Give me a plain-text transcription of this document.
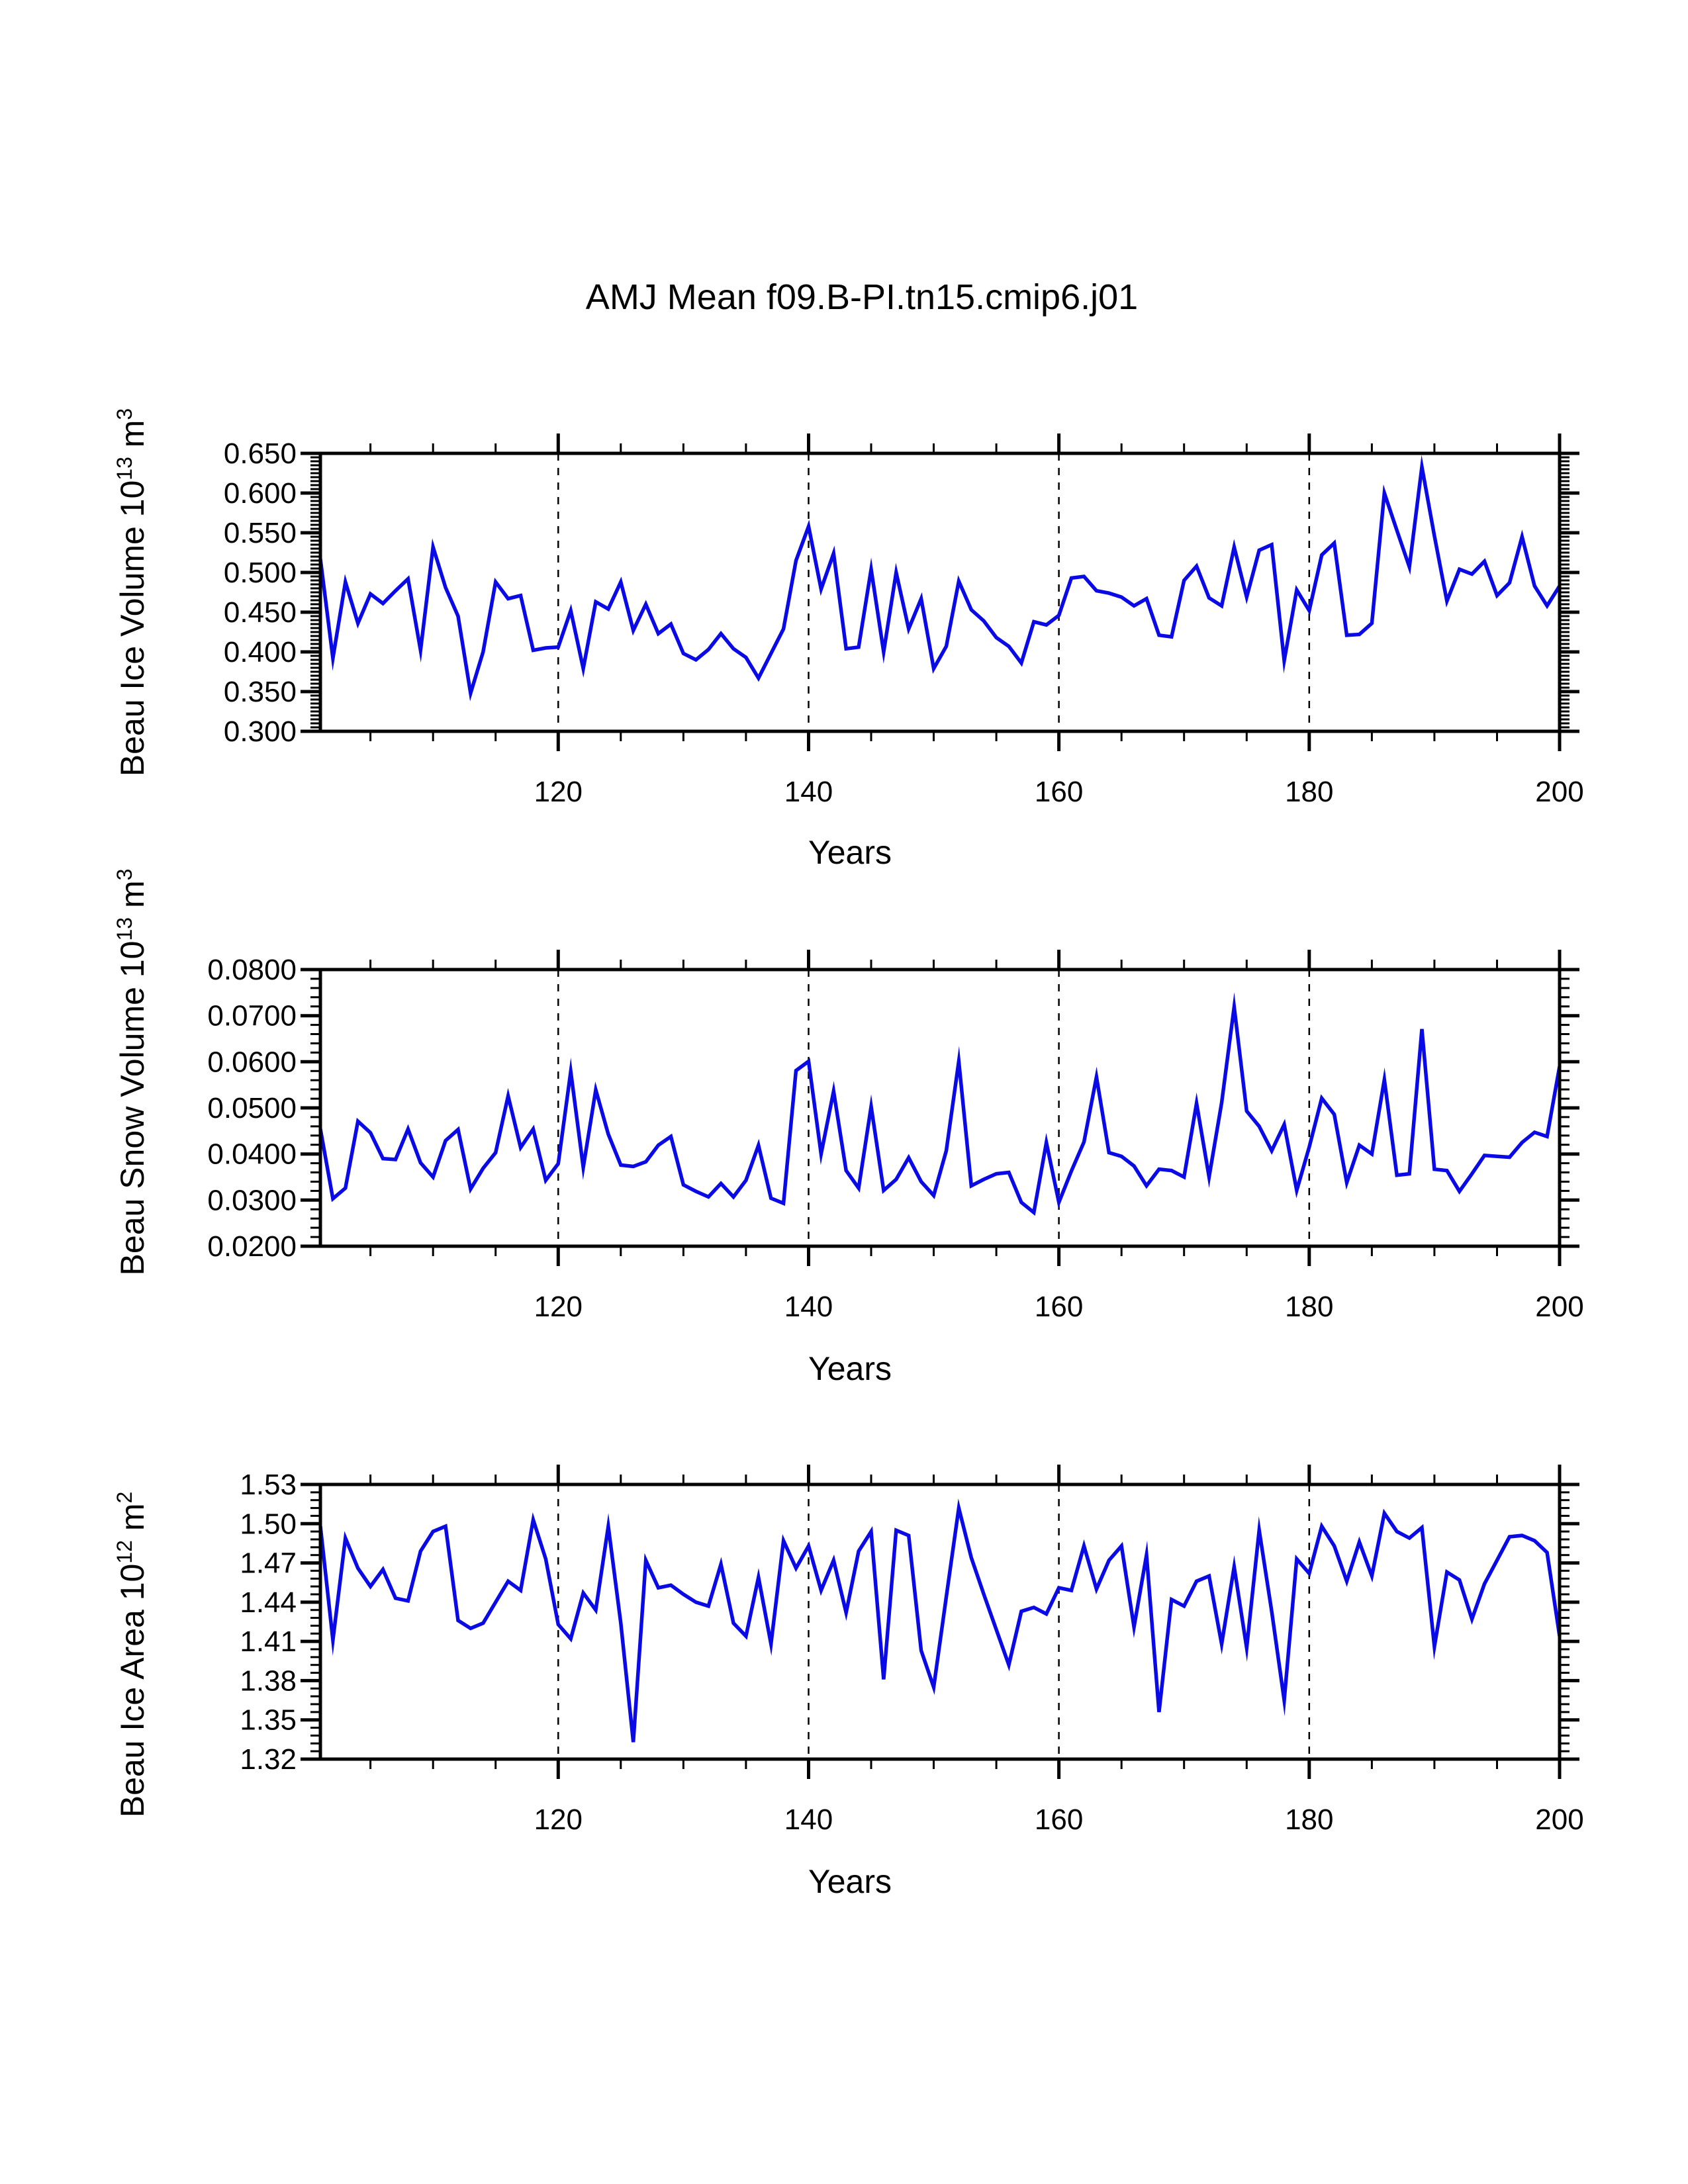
AMJ Mean f09.B-PI.tn15.cmip6.j01
120	140	160	180	200
0.300
0.350
0.400
0.450
0.500
0.550
0.600
0.650
120	140	160	180	200
0.0200
0.0300
0.0400
0.0500
0.0600
0.0700
0.0800
120	140	160	180	200
1.32
1.35
1.38
1.41
1.44
1.47
1.50
1.53
Beau Ice Volume $10^{13}$ $m^3$
Beau Snow Volume $10^{13}$ $m^3$
Beau Ice Area $10^{12}$ $m^2$
Years
Years
Years
